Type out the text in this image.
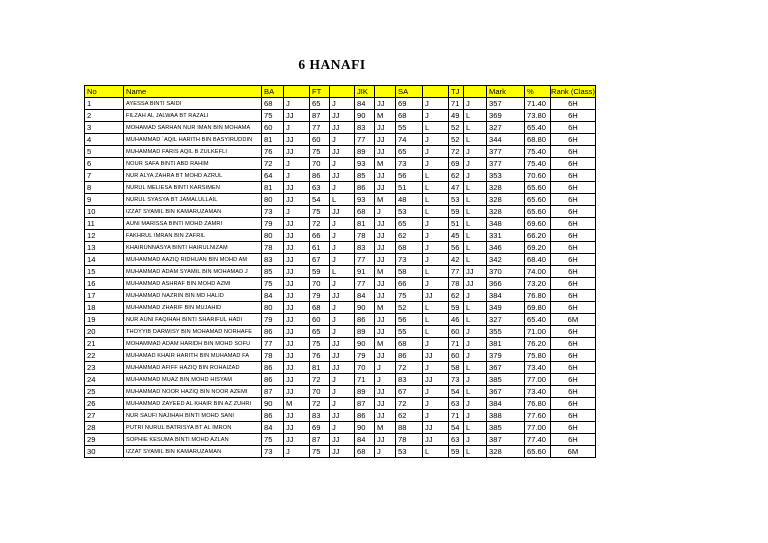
6 HANAFI
No	Name	BA		FT		JIK		SA		TJ		Mark	%	Rank (Class)
1	AYESSA BINTI SAIDI	68	J	65	J	84	JJ	69	J	71	J	357	71.40	6H
2	FILZAH AL JALWAA BT RAZALI	75	JJ	87	JJ	90	M	68	J	49	L	369	73.80	6H
3	MOHAMAD SARHAN NUR IMAN BIN MOHAMA	60	J	77	JJ	83	JJ	55	L	52	L	327	65.40	6H
4	MUHAMMAD `AQIL HARITH BIN BASYIRUDDIN	81	JJ	60	J	77	JJ	74	J	52	L	344	68.80	6H
5	MUHAMMAD FARIS AQIL B ZULKEFLI	76	JJ	75	JJ	89	JJ	65	J	72	J	377	75.40	6H
6	NOUR SAFA BINTI ABD RAHIM	72	J	70	J	93	M	73	J	69	J	377	75.40	6H
7	NUR ALYA ZAHRA BT MOHD AZRUL	64	J	86	JJ	85	JJ	56	L	62	J	353	70.60	6H
8	NURUL MELIESA BINTI KARSIMEN	81	JJ	63	J	86	JJ	51	L	47	L	328	65.60	6H
9	NURUL SYASYA BT JAMALULLAIL	80	JJ	54	L	93	M	48	L	53	L	328	65.60	6H
10	IZZAT SYAMIL BIN KAMARUZAMAN	73	J	75	JJ	68	J	53	L	59	L	328	65.60	6H
11	AUNI MARISSA BINTI MOHD ZAMRI	79	JJ	72	J	81	JJ	65	J	51	L	348	69.60	6H
12	FAKHRUL IMRAN BIN ZAFRIL	80	JJ	66	J	78	JJ	62	J	45	L	331	66.20	6H
13	KHAIRUNNASYA BINTI HAIRULNIZAM	78	JJ	61	J	83	JJ	68	J	56	L	346	69.20	6H
14	MUHAMMAD AAZIQ RIDHUAN BIN MOHD AM	83	JJ	67	J	77	JJ	73	J	42	L	342	68.40	6H
15	MUHAMMAD ADAM SYAMIL BIN MOHAMAD J	85	JJ	59	L	91	M	58	L	77	JJ	370	74.00	6H
16	MUHAMMAD ASHRAF BIN MOHD AZMI	75	JJ	70	J	77	JJ	66	J	78	JJ	366	73.20	6H
17	MUHAMMAD NAZRIN BIN MD HALID	84	JJ	79	JJ	84	JJ	75	JJ	62	J	384	76.80	6H
18	MUHAMMAD ZHARIF BIN MUJAHID	80	JJ	68	J	90	M	52	L	59	L	349	69.80	6H
19	NUR AUNI FAQIHAH BINTI SHARIFUL HADI	79	JJ	60	J	86	JJ	56	L	46	L	327	65.40	6M
20	THOYYIB DARWISY BIN MOHAMAD NORHAFE	86	JJ	65	J	89	JJ	55	L	60	J	355	71.00	6H
21	MOHAMMAD ADAM HARIDH BIN MOHD SOFU	77	JJ	75	JJ	90	M	68	J	71	J	381	76.20	6H
22	MUHAMAD KHAIR HARITH BIN MUHAMAD FA	78	JJ	76	JJ	79	JJ	86	JJ	60	J	379	75.80	6H
23	MUHAMMAD AFIFF HAZIQ BIN ROHAIZAD	86	JJ	81	JJ	70	J	72	J	58	L	367	73.40	6H
24	MUHAMMAD MUAZ BIN MOHD HISYAM	86	JJ	72	J	71	J	83	JJ	73	J	385	77.00	6H
25	MUHAMMAD NOOR HAZIQ BIN NOOR AZEMI	87	JJ	70	J	89	JJ	67	J	54	L	367	73.40	6H
26	MUHAMMAD ZAYEED AL KHAIR BIN AZ ZUHRI	90	M	72	J	87	JJ	72	J	63	J	384	76.80	6H
27	NUR SAUFI NAJIHAH BINTI MOHD SANI	86	JJ	83	JJ	86	JJ	62	J	71	J	388	77.60	6H
28	PUTRI NURUL BATRISYA BT AL IMRON	84	JJ	69	J	90	M	88	JJ	54	L	385	77.00	6H
29	SOPHIE KESUMA BINTI MOHD AZLAN	75	JJ	87	JJ	84	JJ	78	JJ	63	J	387	77.40	6H
30	IZZAT SYAMIL BIN KAMARUZAMAN	73	J	75	JJ	68	J	53	L	59	L	328	65.60	6M
